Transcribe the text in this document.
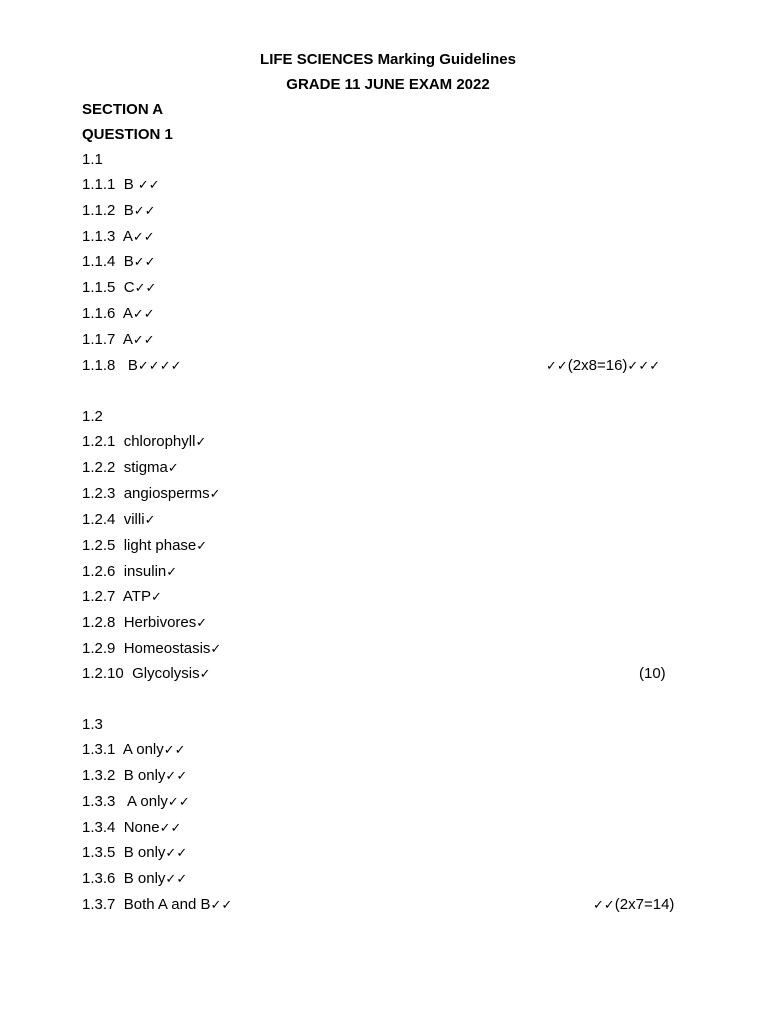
LIFE SCIENCES Marking Guidelines
GRADE 11 JUNE EXAM 2022
SECTION A
QUESTION 1
1.1
1.1.1 B ✓✓
1.1.2 B✓✓
1.1.3 A✓✓
1.1.4 B✓✓
1.1.5 C✓✓
1.1.6 A✓✓
1.1.7 A✓✓
1.1.8 B✓✓✓✓	✓✓(2x8=16)✓✓✓
1.2
1.2.1 chlorophyll✓
1.2.2 stigma✓
1.2.3 angiosperms✓
1.2.4 villi✓
1.2.5 light phase✓
1.2.6 insulin✓
1.2.7 ATP✓
1.2.8 Herbivores✓
1.2.9 Homeostasis✓
1.2.10 Glycolysis✓	(10)
1.3
1.3.1 A only✓✓
1.3.2 B only✓✓
1.3.3   A only✓✓
1.3.4 None✓✓
1.3.5 B only✓✓
1.3.6 B only✓✓
1.3.7 Both A and B✓✓	✓✓(2x7=14)
